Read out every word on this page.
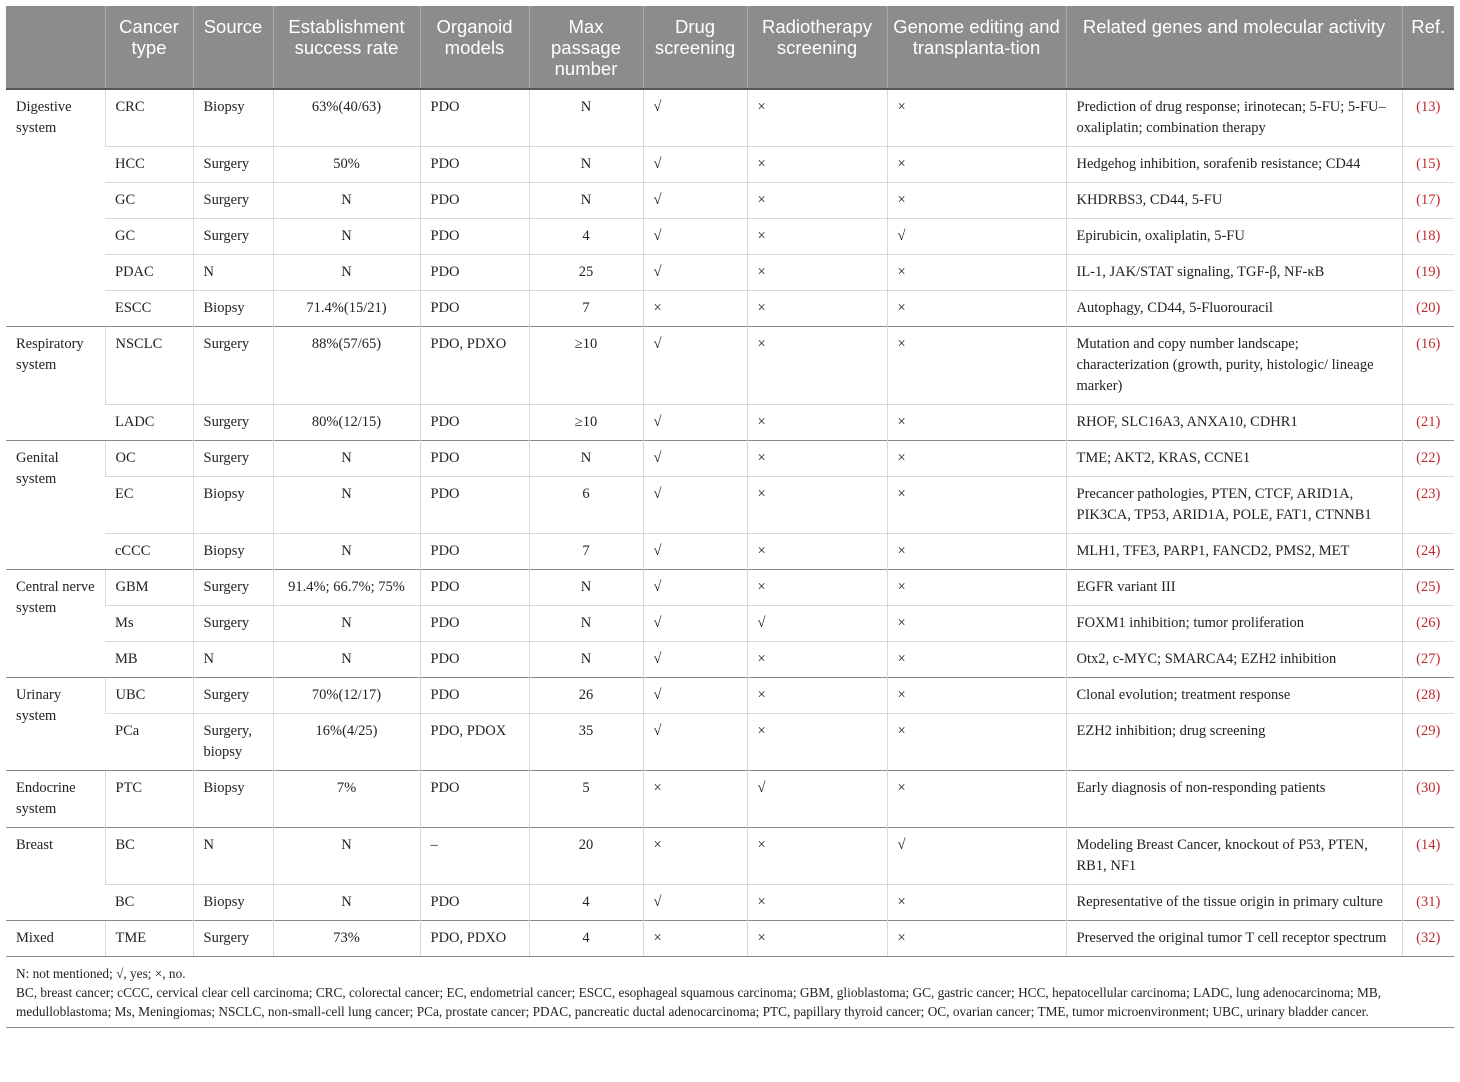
	Cancer type	Source	Establishment success rate	Organoid models	Max passage number	Drug screening	Radiotherapy screening	Genome editing and transplanta-tion	Related genes and molecular activity	Ref.
Digestive system	CRC	Biopsy	63%(40/63)	PDO	N	√	×	×	Prediction of drug response; irinotecan; 5-FU; 5-FU–oxaliplatin; combination therapy	(13)
	HCC	Surgery	50%	PDO	N	√	×	×	Hedgehog inhibition, sorafenib resistance; CD44	(15)
	GC	Surgery	N	PDO	N	√	×	×	KHDRBS3, CD44, 5-FU	(17)
	GC	Surgery	N	PDO	4	√	×	√	Epirubicin, oxaliplatin, 5-FU	(18)
	PDAC	N	N	PDO	25	√	×	×	IL-1, JAK/STAT signaling, TGF-β, NF-κB	(19)
	ESCC	Biopsy	71.4%(15/21)	PDO	7	×	×	×	Autophagy, CD44, 5-Fluorouracil	(20)
Respiratory system	NSCLC	Surgery	88%(57/65)	PDO, PDXO	≥10	√	×	×	Mutation and copy number landscape; characterization (growth, purity, histologic/ lineage marker)	(16)
	LADC	Surgery	80%(12/15)	PDO	≥10	√	×	×	RHOF, SLC16A3, ANXA10, CDHR1	(21)
Genital system	OC	Surgery	N	PDO	N	√	×	×	TME; AKT2, KRAS, CCNE1	(22)
	EC	Biopsy	N	PDO	6	√	×	×	Precancer pathologies, PTEN, CTCF, ARID1A, PIK3CA, TP53, ARID1A, POLE, FAT1, CTNNB1	(23)
	cCCC	Biopsy	N	PDO	7	√	×	×	MLH1, TFE3, PARP1, FANCD2, PMS2, MET	(24)
Central nerve system	GBM	Surgery	91.4%; 66.7%; 75%	PDO	N	√	×	×	EGFR variant III	(25)
	Ms	Surgery	N	PDO	N	√	√	×	FOXM1 inhibition; tumor proliferation	(26)
	MB	N	N	PDO	N	√	×	×	Otx2, c-MYC; SMARCA4; EZH2 inhibition	(27)
Urinary system	UBC	Surgery	70%(12/17)	PDO	26	√	×	×	Clonal evolution; treatment response	(28)
	PCa	Surgery, biopsy	16%(4/25)	PDO, PDOX	35	√	×	×	EZH2 inhibition; drug screening	(29)
Endocrine system	PTC	Biopsy	7%	PDO	5	×	√	×	Early diagnosis of non-responding patients	(30)
Breast	BC	N	N	–	20	×	×	√	Modeling Breast Cancer, knockout of P53, PTEN, RB1, NF1	(14)
	BC	Biopsy	N	PDO	4	√	×	×	Representative of the tissue origin in primary culture	(31)
Mixed	TME	Surgery	73%	PDO, PDXO	4	×	×	×	Preserved the original tumor T cell receptor spectrum	(32)
N: not mentioned; √, yes; ×, no.
BC, breast cancer; cCCC, cervical clear cell carcinoma; CRC, colorectal cancer; EC, endometrial cancer; ESCC, esophageal squamous carcinoma; GBM, glioblastoma; GC, gastric cancer; HCC, hepatocellular carcinoma; LADC, lung adenocarcinoma; MB, medulloblastoma; Ms, Meningiomas; NSCLC, non-small-cell lung cancer; PCa, prostate cancer; PDAC, pancreatic ductal adenocarcinoma; PTC, papillary thyroid cancer; OC, ovarian cancer; TME, tumor microenvironment; UBC, urinary bladder cancer.
